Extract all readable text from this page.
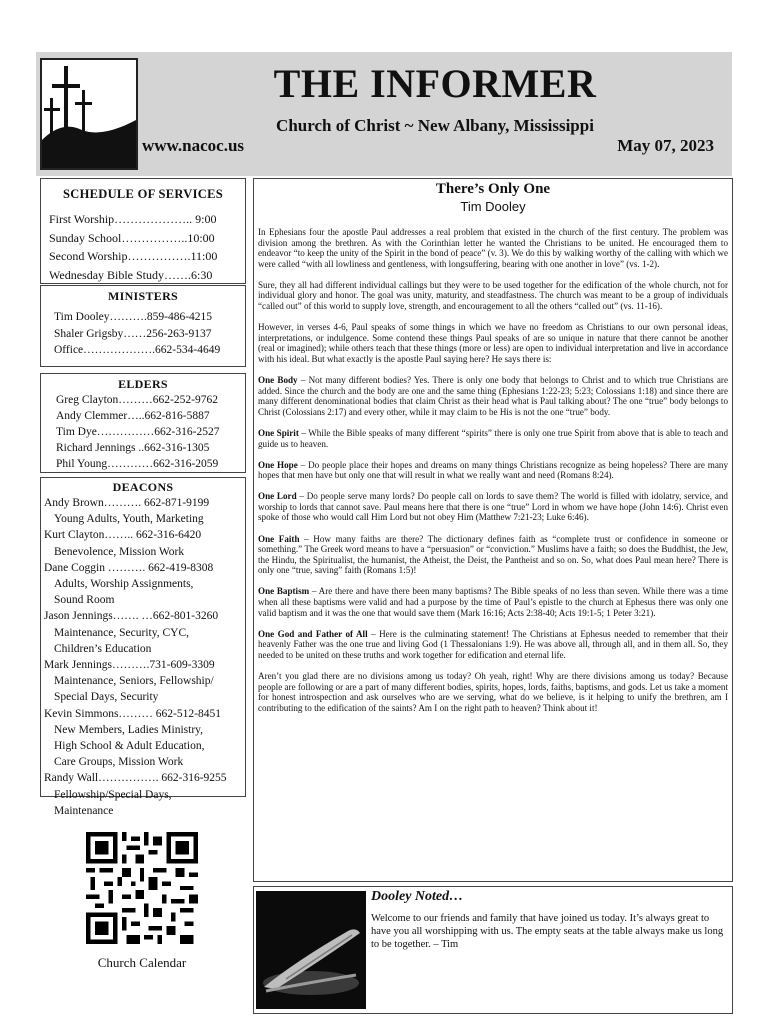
THE INFORMER
Church of Christ ~ New Albany, Mississippi
www.nacoc.us	May 07, 2023
SCHEDULE OF SERVICES
First Worship……………….. 9:00
Sunday School……………..10:00
Second Worship…………….11:00
Wednesday Bible Study…….6:30
MINISTERS
Tim Dooley……….859-486-4215
Shaler Grigsby……256-263-9137
Office……………….662-534-4649
ELDERS
Greg Clayton………662-252-9762
Andy Clemmer…..662-816-5887
Tim Dye……………662-316-2527
Richard Jennings ..662-316-1305
Phil Young…………662-316-2059
DEACONS
Andy Brown………. 662-871-9199
Young Adults, Youth, Marketing
Kurt Clayton…….. 662-316-6420
Benevolence, Mission Work
Dane Coggin ………. 662-419-8308
Adults, Worship Assignments,
Sound Room
Jason Jennings……. …662-801-3260
Maintenance, Security, CYC,
Children’s Education
Mark Jennings……….731-609-3309
Maintenance, Seniors, Fellowship/
Special Days, Security
Kevin Simmons……… 662-512-8451
New Members, Ladies Ministry,
High School & Adult Education,
Care Groups, Mission Work
Randy Wall……………. 662-316-9255
Fellowship/Special Days,
Maintenance
Church Calendar
There’s Only One
Tim Dooley

In Ephesians four the apostle Paul addresses a real problem that existed in the church of the first century. The problem was division among the brethren. As with the Corinthian letter he wanted the Christians to be united. He encouraged them to endeavor “to keep the unity of the Spirit in the bond of peace” (v. 3). We do this by walking worthy of the calling with which we were called “with all lowliness and gentleness, with longsuffering, bearing with one another in love” (vs. 1-2).

Sure, they all had different individual callings but they were to be used together for the edification of the whole church, not for individual glory and honor. The goal was unity, maturity, and steadfastness. The church was meant to be a group of individuals “called out” of this world to supply love, strength, and encouragement to all the others “called out” (vs. 11-16).

However, in verses 4-6, Paul speaks of some things in which we have no freedom as Christians to our own personal ideas, interpretations, or indulgence. Some contend these things Paul speaks of are so unique in nature that there cannot be another (real or imagined); while others teach that these things (more or less) are open to individual interpretation and live in accordance with his ideal. But what exactly is the apostle Paul saying here? He says there is:

One Body – Not many different bodies? Yes. There is only one body that belongs to Christ and to which true Christians are added. Since the church and the body are one and the same thing (Ephesians 1:22-23; 5:23; Colossians 1:18) and since there are many different denominational bodies that claim Christ as their head what is Paul talking about? The one “true” body belongs to Christ (Colossians 2:17) and every other, while it may claim to be His is not the one “true” body.

One Spirit – While the Bible speaks of many different “spirits” there is only one true Spirit from above that is able to teach and guide us to heaven.

One Hope – Do people place their hopes and dreams on many things Christians recognize as being hopeless? There are many hopes that men have but only one that will result in what we really want and need (Romans 8:24).

One Lord – Do people serve many lords? Do people call on lords to save them? The world is filled with idolatry, service, and worship to lords that cannot save. Paul means here that there is one “true” Lord in whom we have hope (John 14:6). Christ even spoke of those who would call Him Lord but not obey Him (Matthew 7:21-23; Luke 6:46).

One Faith – How many faiths are there? The dictionary defines faith as “complete trust or confidence in someone or something.” The Greek word means to have a “persuasion” or “conviction.” Muslims have a faith; so does the Buddhist, the Jew, the Hindu, the Spiritualist, the humanist, the Atheist, the Deist, the Pantheist and so on. So, what does Paul mean here? There is only one “true, saving” faith (Romans 1:5)!

One Baptism – Are there and have there been many baptisms? The Bible speaks of no less than seven. While there was a time when all these baptisms were valid and had a purpose by the time of Paul’s epistle to the church at Ephesus there was only one valid baptism and it was the one that would save them (Mark 16:16; Acts 2:38-40; Acts 19:1-5; 1 Peter 3:21).

One God and Father of All – Here is the culminating statement! The Christians at Ephesus needed to remember that their heavenly Father was the one true and living God (1 Thessalonians 1:9). He was above all, through all, and in them all. So, they needed to be united on these truths and work together for edification and eternal life.

Aren’t you glad there are no divisions among us today? Oh yeah, right! Why are there divisions among us today? Because people are following or are a part of many different bodies, spirits, hopes, lords, faiths, baptisms, and gods. Let us take a moment for honest introspection and ask ourselves who are we serving, what do we believe, is it helping to unify the brethren, am I contributing to the edification of the saints? Am I on the right path to heaven? Think about it!

Dooley Noted…
Welcome to our friends and family that have joined us today. It’s always great to have you all worshipping with us. The empty seats at the table always make us long to be together. – Tim
